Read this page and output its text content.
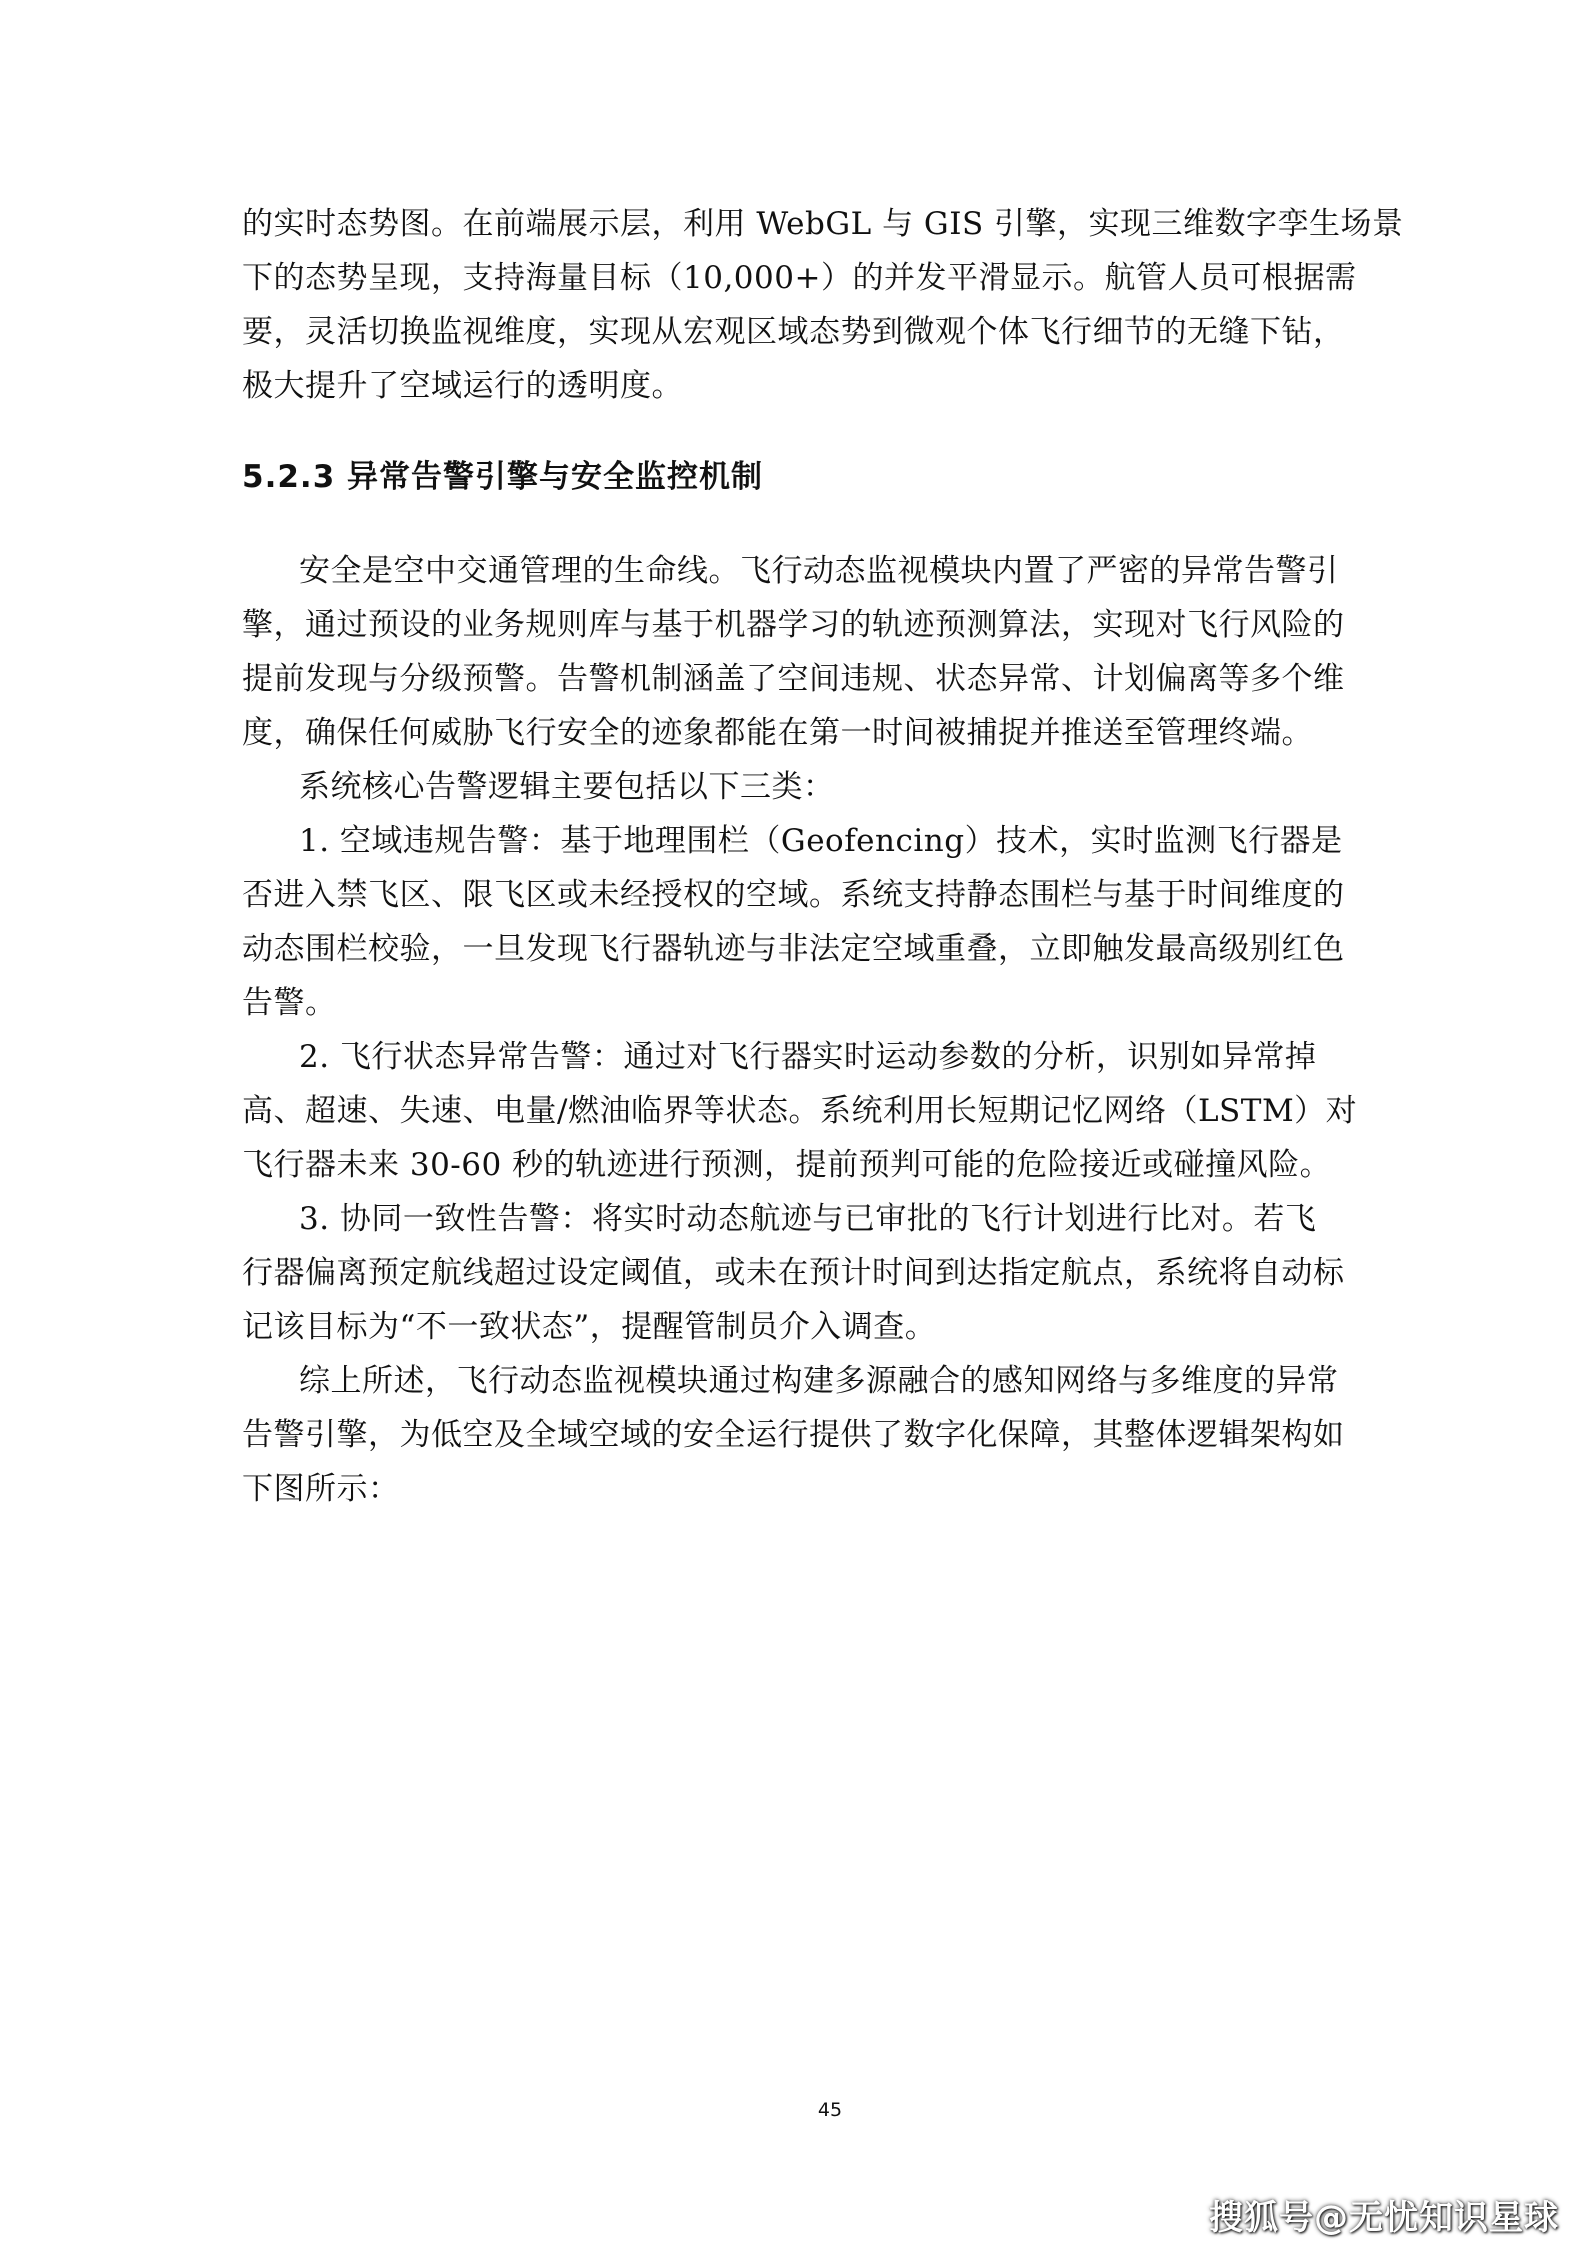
的实时态势图。在前端展示层，利用 WebGL 与 GIS 引擎，实现三维数字孪生场景
下的态势呈现，支持海量目标（10,000+）的并发平滑显示。航管人员可根据需
要，灵活切换监视维度，实现从宏观区域态势到微观个体飞行细节的无缝下钻，
极大提升了空域运行的透明度。
5.2.3 异常告警引擎与安全监控机制
安全是空中交通管理的生命线。飞行动态监视模块内置了严密的异常告警引
擎，通过预设的业务规则库与基于机器学习的轨迹预测算法，实现对飞行风险的
提前发现与分级预警。告警机制涵盖了空间违规、状态异常、计划偏离等多个维
度，确保任何威胁飞行安全的迹象都能在第一时间被捕捉并推送至管理终端。
系统核心告警逻辑主要包括以下三类：
1. 空域违规告警：基于地理围栏（Geofencing）技术，实时监测飞行器是
否进入禁飞区、限飞区或未经授权的空域。系统支持静态围栏与基于时间维度的
动态围栏校验，一旦发现飞行器轨迹与非法定空域重叠，立即触发最高级别红色
告警。
2. 飞行状态异常告警：通过对飞行器实时运动参数的分析，识别如异常掉
高、超速、失速、电量/燃油临界等状态。系统利用长短期记忆网络（LSTM）对
飞行器未来 30-60 秒的轨迹进行预测，提前预判可能的危险接近或碰撞风险。
3. 协同一致性告警：将实时动态航迹与已审批的飞行计划进行比对。若飞
行器偏离预定航线超过设定阈值，或未在预计时间到达指定航点，系统将自动标
记该目标为“不一致状态”，提醒管制员介入调查。
综上所述，飞行动态监视模块通过构建多源融合的感知网络与多维度的异常
告警引擎，为低空及全域空域的安全运行提供了数字化保障，其整体逻辑架构如
下图所示：
45
搜狐号@无忧知识星球
